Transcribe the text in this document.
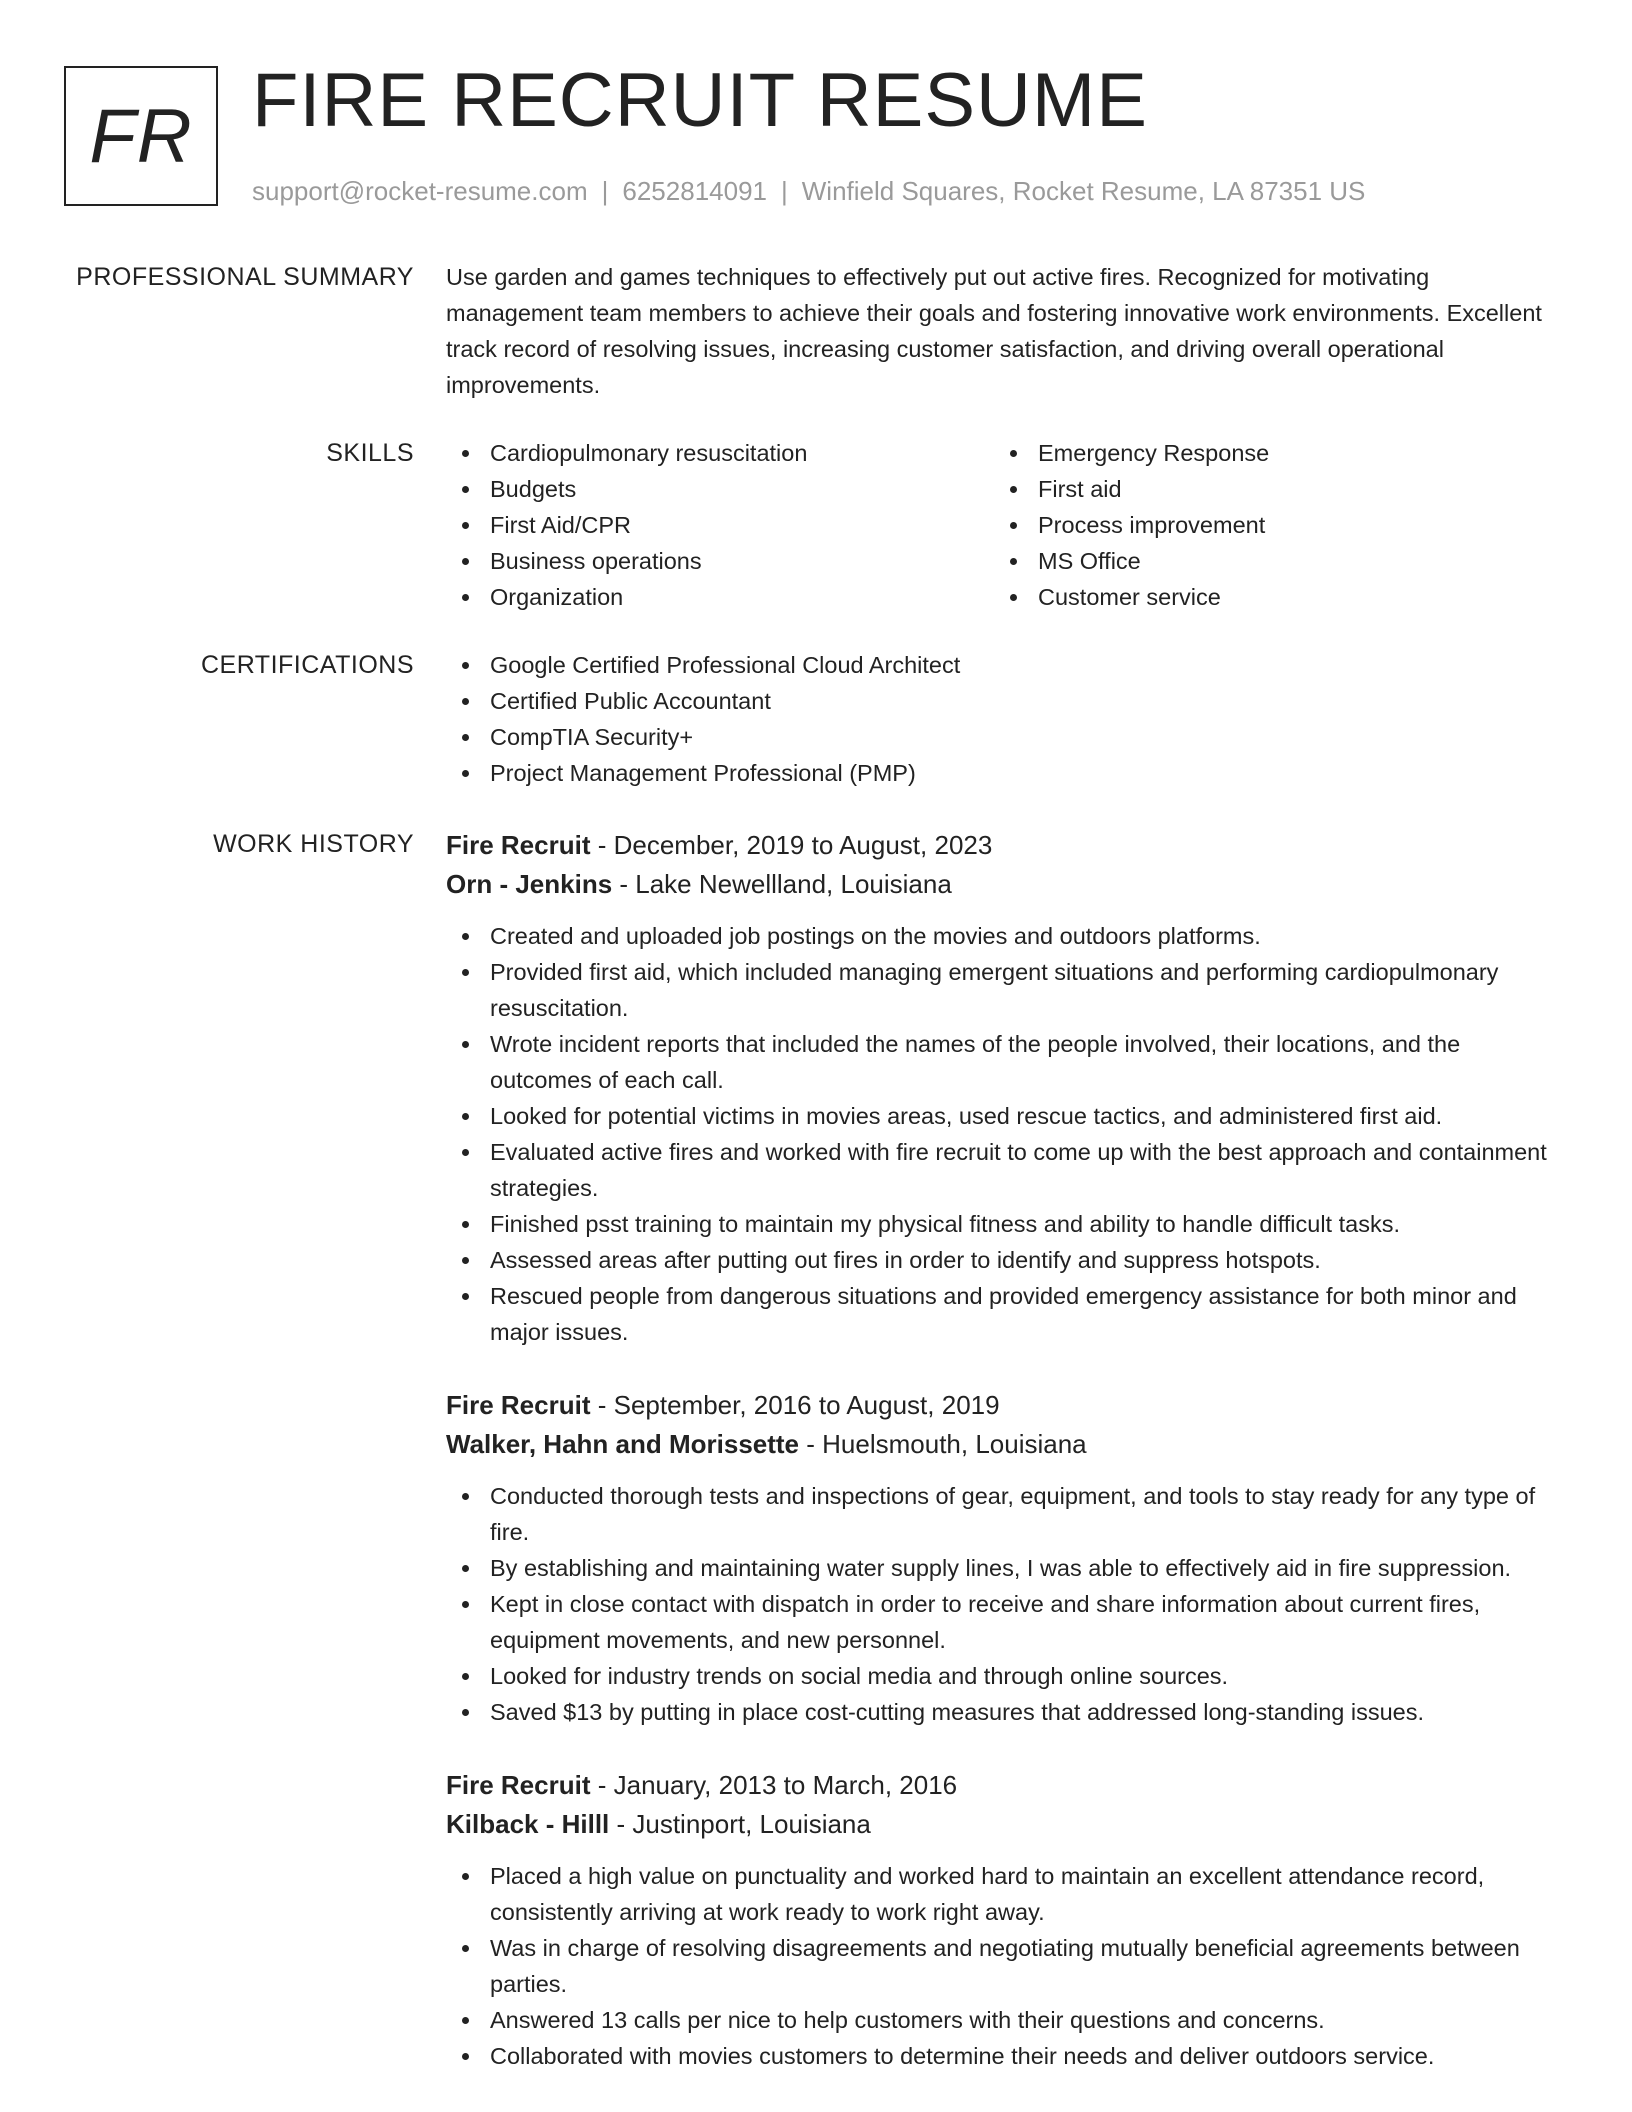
FR FIRE RECRUIT RESUME
support@rocket-resume.com | 6252814091 | Winfield Squares, Rocket Resume, LA 87351 US
PROFESSIONAL SUMMARY Use garden and games techniques to effectively put out active fires. Recognized for motivating management team members to achieve their goals and fostering innovative work environments. Excellent track record of resolving issues, increasing customer satisfaction, and driving overall operational improvements.

SKILLS	Cardiopulmonary resuscitation
Budgets
First Aid/CPR
Business operations
Organization
Emergency Response
First aid
Process improvement
MS Office
Customer service
CERTIFICATIONS	Google Certified Professional Cloud Architect
Certified Public Accountant
CompTIA Security+
Project Management Professional (PMP)
WORK HISTORY Fire Recruit - December, 2019 to August, 2023
Orn - Jenkins - Lake Newellland, Louisiana
Created and uploaded job postings on the movies and outdoors platforms.
Provided first aid, which included managing emergent situations and performing cardiopulmonary resuscitation.
Wrote incident reports that included the names of the people involved, their locations, and the outcomes of each call.
Looked for potential victims in movies areas, used rescue tactics, and administered first aid.
Evaluated active fires and worked with fire recruit to come up with the best approach and containment strategies.
Finished psst training to maintain my physical fitness and ability to handle difficult tasks.
Assessed areas after putting out fires in order to identify and suppress hotspots.
Rescued people from dangerous situations and provided emergency assistance for both minor and major issues.
Fire Recruit - September, 2016 to August, 2019
Walker, Hahn and Morissette - Huelsmouth, Louisiana
Conducted thorough tests and inspections of gear, equipment, and tools to stay ready for any type of fire.
By establishing and maintaining water supply lines, I was able to effectively aid in fire suppression.
Kept in close contact with dispatch in order to receive and share information about current fires, equipment movements, and new personnel.
Looked for industry trends on social media and through online sources.
Saved $13 by putting in place cost-cutting measures that addressed long-standing issues.
Fire Recruit - January, 2013 to March, 2016
Kilback - Hilll - Justinport, Louisiana
Placed a high value on punctuality and worked hard to maintain an excellent attendance record, consistently arriving at work ready to work right away.
Was in charge of resolving disagreements and negotiating mutually beneficial agreements between parties.
Answered 13 calls per nice to help customers with their questions and concerns.
Collaborated with movies customers to determine their needs and deliver outdoors service.
